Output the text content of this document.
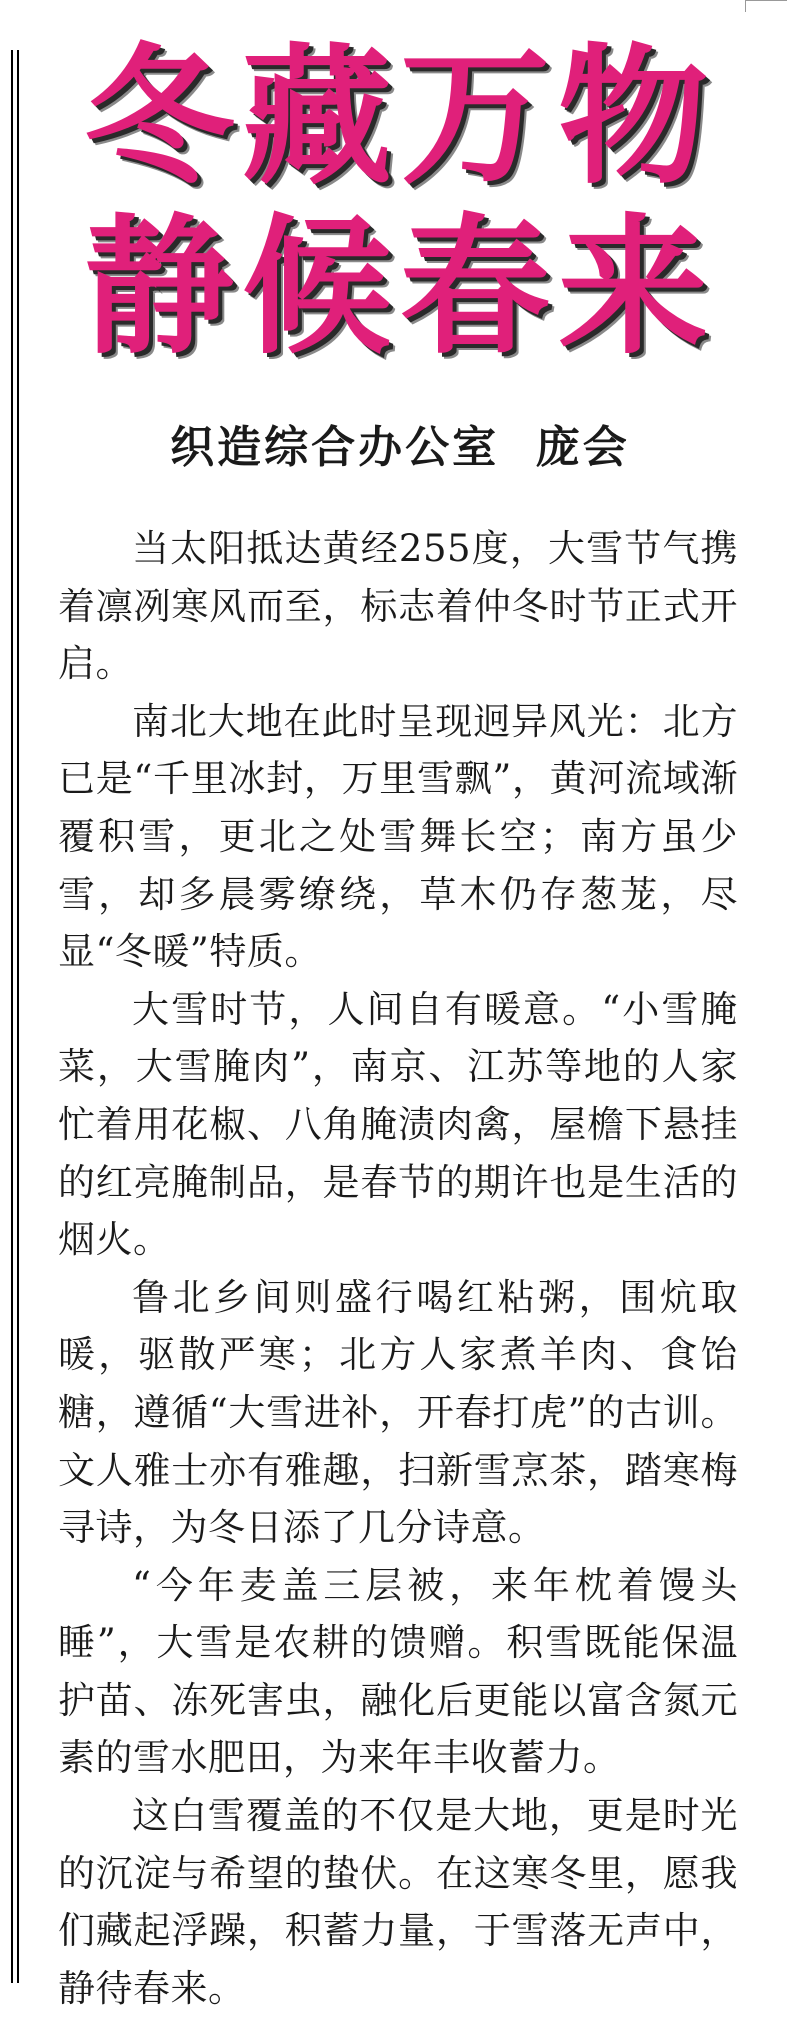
冬藏万物
静候春来
织造综合办公室  庞会

当太阳抵达黄经255度，大雪节气携着凛冽寒风而至，标志着仲冬时节正式开启。

南北大地在此时呈现迥异风光：北方已是“千里冰封，万里雪飘”，黄河流域渐覆积雪，更北之处雪舞长空；南方虽少雪，却多晨雾缭绕，草木仍存葱茏，尽显“冬暖”特质。

大雪时节，人间自有暖意。“小雪腌菜，大雪腌肉”，南京、江苏等地的人家忙着用花椒、八角腌渍肉禽，屋檐下悬挂的红亮腌制品，是春节的期许也是生活的烟火。

鲁北乡间则盛行喝红粘粥，围炕取暖，驱散严寒；北方人家煮羊肉、食饴糖，遵循“大雪进补，开春打虎”的古训。文人雅士亦有雅趣，扫新雪烹茶，踏寒梅寻诗，为冬日添了几分诗意。

“今年麦盖三层被，来年枕着馒头睡”，大雪是农耕的馈赠。积雪既能保温护苗、冻死害虫，融化后更能以富含氮元素的雪水肥田，为来年丰收蓄力。

这白雪覆盖的不仅是大地，更是时光的沉淀与希望的蛰伏。在这寒冬里，愿我们藏起浮躁，积蓄力量，于雪落无声中，静待春来。
